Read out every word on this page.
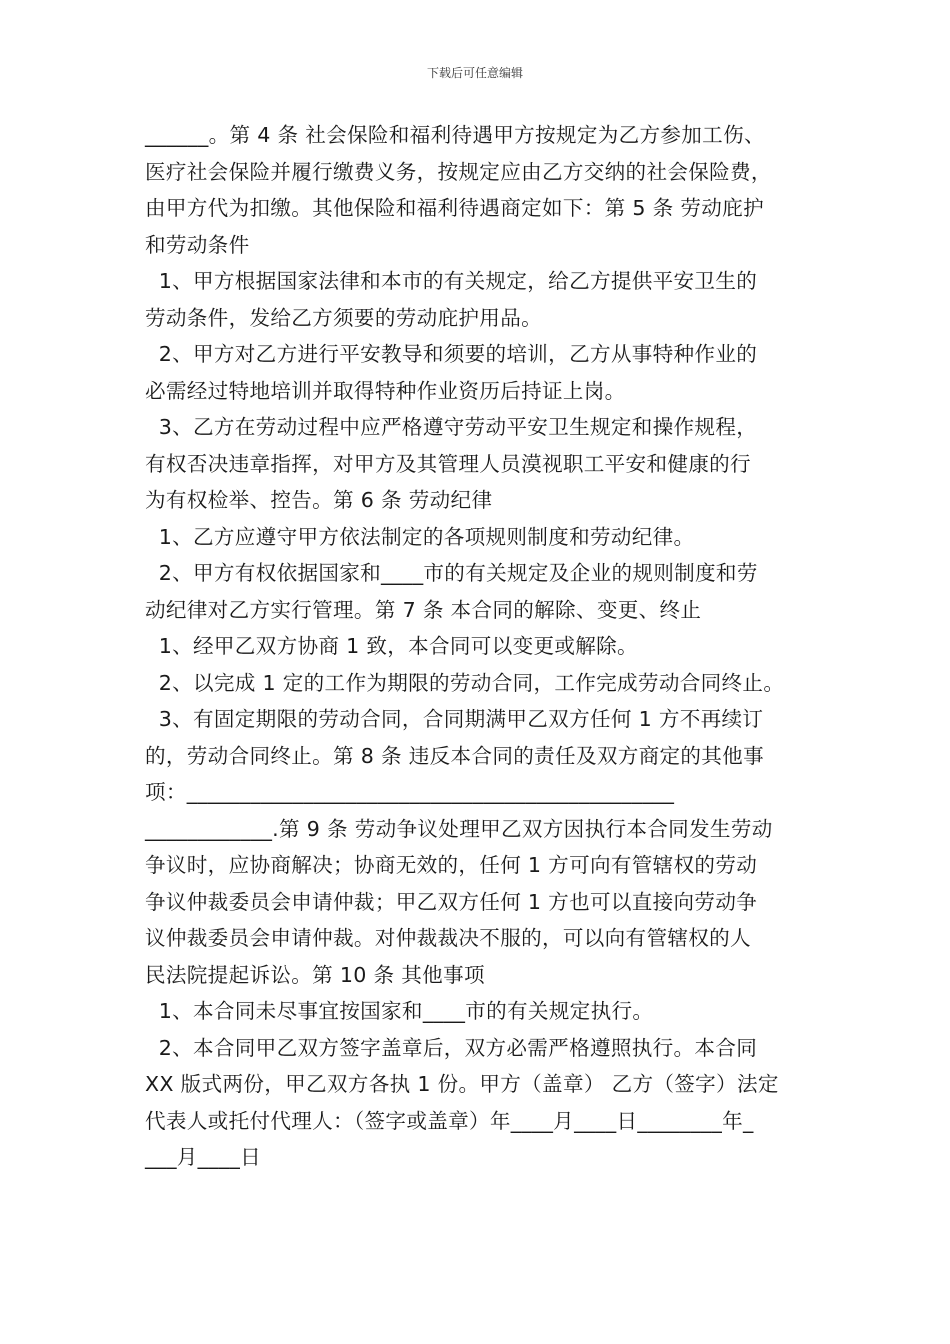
下载后可任意编辑

______。第 4 条 社会保险和福利待遇甲方按规定为乙方参加工伤、

医疗社会保险并履行缴费义务，按规定应由乙方交纳的社会保险费，

由甲方代为扣缴。其他保险和福利待遇商定如下：第 5 条 劳动庇护

和劳动条件

1、甲方根据国家法律和本市的有关规定，给乙方提供平安卫生的

劳动条件，发给乙方须要的劳动庇护用品。

2、甲方对乙方进行平安教导和须要的培训，乙方从事特种作业的

必需经过特地培训并取得特种作业资历后持证上岗。

3、乙方在劳动过程中应严格遵守劳动平安卫生规定和操作规程，

有权否决违章指挥，对甲方及其管理人员漠视职工平安和健康的行

为有权检举、控告。第 6 条 劳动纪律

1、乙方应遵守甲方依法制定的各项规则制度和劳动纪律。

2、甲方有权依据国家和____市的有关规定及企业的规则制度和劳

动纪律对乙方实行管理。第 7 条 本合同的解除、变更、终止

1、经甲乙双方协商 1 致，本合同可以变更或解除。

2、以完成 1 定的工作为期限的劳动合同，工作完成劳动合同终止。

3、有固定期限的劳动合同，合同期满甲乙双方任何 1 方不再续订

的，劳动合同终止。第 8 条 违反本合同的责任及双方商定的其他事

项：______________________________________________

____________.第 9 条 劳动争议处理甲乙双方因执行本合同发生劳动

争议时，应协商解决；协商无效的，任何 1 方可向有管辖权的劳动

争议仲裁委员会申请仲裁；甲乙双方任何 1 方也可以直接向劳动争

议仲裁委员会申请仲裁。对仲裁裁决不服的，可以向有管辖权的人

民法院提起诉讼。第 10 条 其他事项

1、本合同未尽事宜按国家和____市的有关规定执行。

2、本合同甲乙双方签字盖章后，双方必需严格遵照执行。本合同

XX 版式两份，甲乙双方各执 1 份。甲方（盖章） 乙方（签字）法定

代表人或托付代理人：（签字或盖章）年____月____日________年_

___月____日
